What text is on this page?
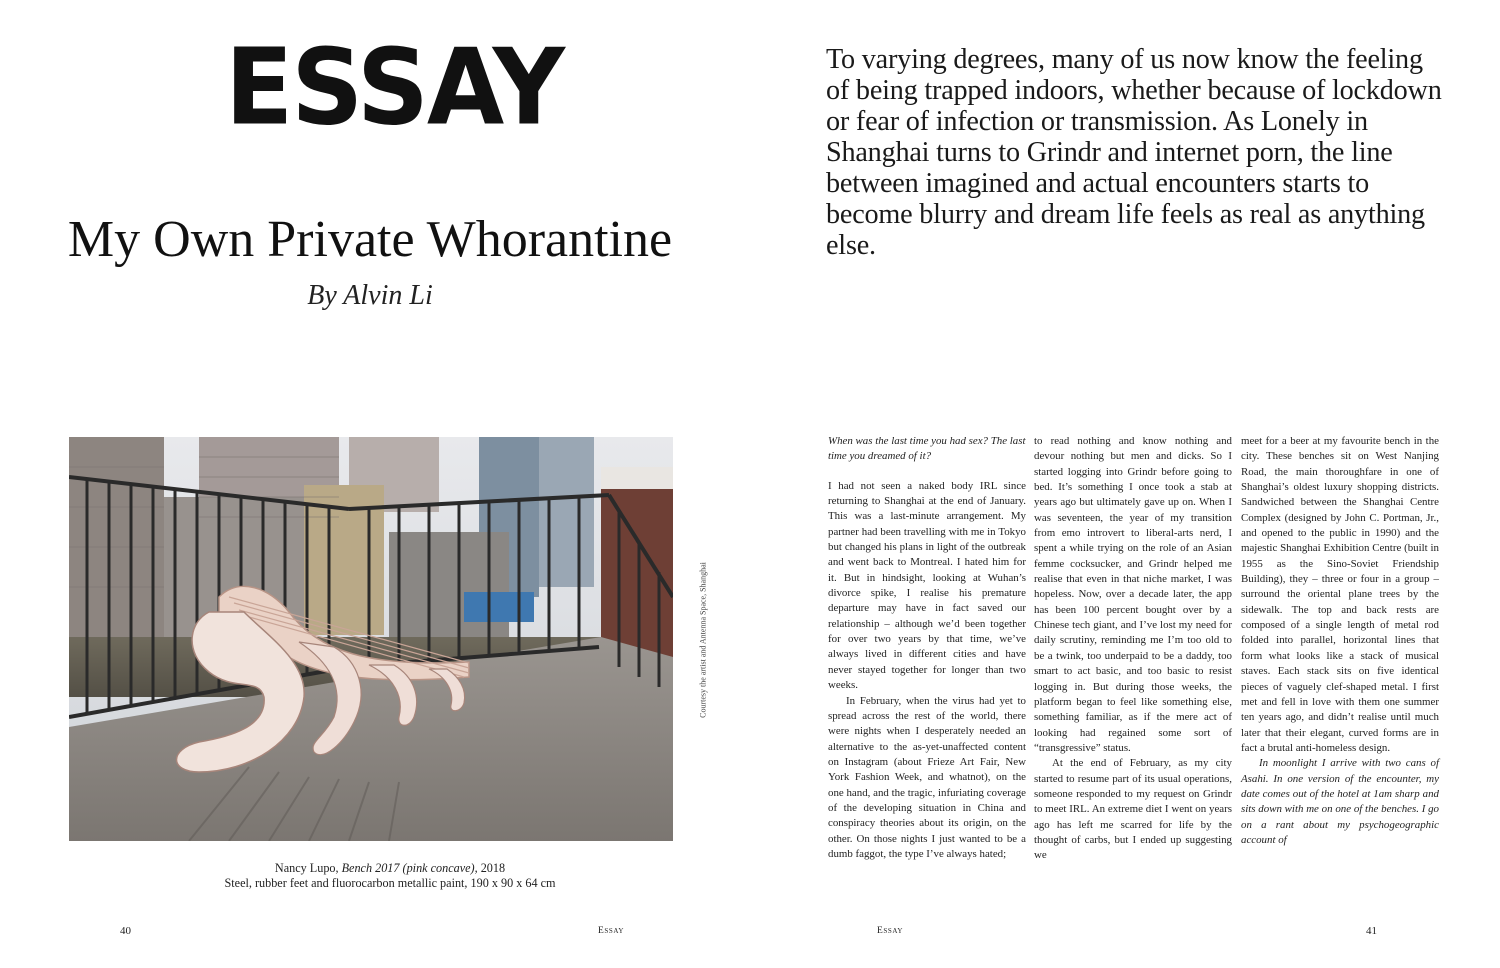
ESSAY
My Own Private Whorantine
By Alvin Li
Courtesy the artist and Antenna Space, Shanghai
Nancy Lupo, Bench 2017 (pink concave), 2018
Steel, rubber feet and fluorocarbon metallic paint, 190 x 90 x 64 cm
40	Essay
To varying degrees, many of us now know the feeling of being trapped indoors, whether because of lockdown or fear of infection or transmission. As Lonely in Shanghai turns to Grindr and internet porn, the line between imagined and actual encounters starts to become blurry and dream life feels as real as anything else.

When was the last time you had sex? The last time you dreamed of it?

I had not seen a naked body IRL since returning to Shanghai at the end of January. This was a last-minute arrangement. My partner had been travelling with me in Tokyo but changed his plans in light of the outbreak and went back to Montreal. I hated him for it. But in hindsight, looking at Wuhan’s divorce spike, I realise his premature departure may have in fact saved our relationship – although we’d been together for over two years by that time, we’ve always lived in different cities and have never stayed together for longer than two weeks.

In February, when the virus had yet to spread across the rest of the world, there were nights when I desperately needed an alternative to the as-yet-unaffected content on Instagram (about Frieze Art Fair, New York Fashion Week, and whatnot), on the one hand, and the tragic, infuriating coverage of the developing situation in China and conspiracy theories about its origin, on the other. On those nights I just wanted to be a dumb faggot, the type I’ve always hated;

to read nothing and know nothing and devour nothing but men and dicks. So I started logging into Grindr before going to bed. It’s something I once took a stab at years ago but ultimately gave up on. When I was seventeen, the year of my transition from emo introvert to liberal-arts nerd, I spent a while trying on the role of an Asian femme cocksucker, and Grindr helped me realise that even in that niche market, I was hopeless. Now, over a decade later, the app has been 100 percent bought over by a Chinese tech giant, and I’ve lost my need for daily scrutiny, reminding me I’m too old to be a twink, too underpaid to be a daddy, too smart to act basic, and too basic to resist logging in. But during those weeks, the platform began to feel like something else, something familiar, as if the mere act of looking had regained some sort of “transgressive” status.

At the end of February, as my city started to resume part of its usual operations, someone responded to my request on Grindr to meet IRL. An extreme diet I went on years ago has left me scarred for life by the thought of carbs, but I ended up suggesting we

meet for a beer at my favourite bench in the city. These benches sit on West Nanjing Road, the main thoroughfare in one of Shanghai’s oldest luxury shopping districts. Sandwiched between the Shanghai Centre Complex (designed by John C. Portman, Jr., and opened to the public in 1990) and the majestic Shanghai Exhibition Centre (built in 1955 as the Sino-Soviet Friendship Building), they – three or four in a group – surround the oriental plane trees by the sidewalk. The top and back rests are composed of a single length of metal rod folded into parallel, horizontal lines that form what looks like a stack of musical staves. Each stack sits on five identical pieces of vaguely clef-shaped metal. I first met and fell in love with them one summer ten years ago, and didn’t realise until much later that their elegant, curved forms are in fact a brutal anti-homeless design.

In moonlight I arrive with two cans of Asahi. In one version of the encounter, my date comes out of the hotel at 1am sharp and sits down with me on one of the benches. I go on a rant about my psychogeographic account of

Essay	41
